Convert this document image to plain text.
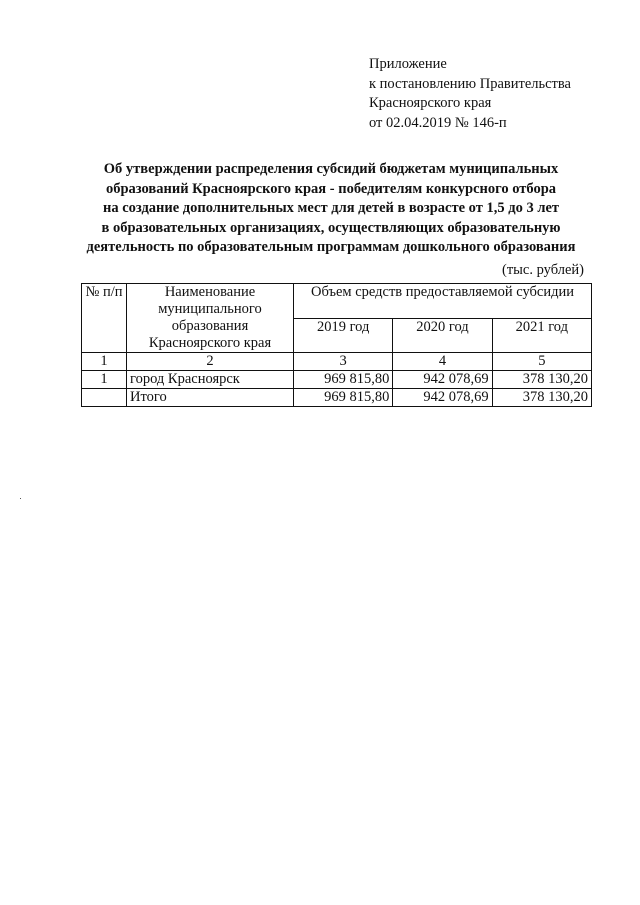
Приложение
к постановлению Правительства
Красноярского края
от 02.04.2019 № 146-п
Об утверждении распределения субсидий бюджетам муниципальных
образований Красноярского края - победителям конкурсного отбора
на создание дополнительных мест для детей в возрасте от 1,5 до 3 лет
в образовательных организациях, осуществляющих образовательную
деятельность по образовательным программам дошкольного образования
(тыс. рублей)
№ п/п	Наименование муниципального образования Красноярского края	Объем средств предоставляемой субсидии		
		2019 год	2020 год	2021 год
1	2	3	4	5
1	город Красноярск	969 815,80	942 078,69	378 130,20
	Итого	969 815,80	942 078,69	378 130,20
